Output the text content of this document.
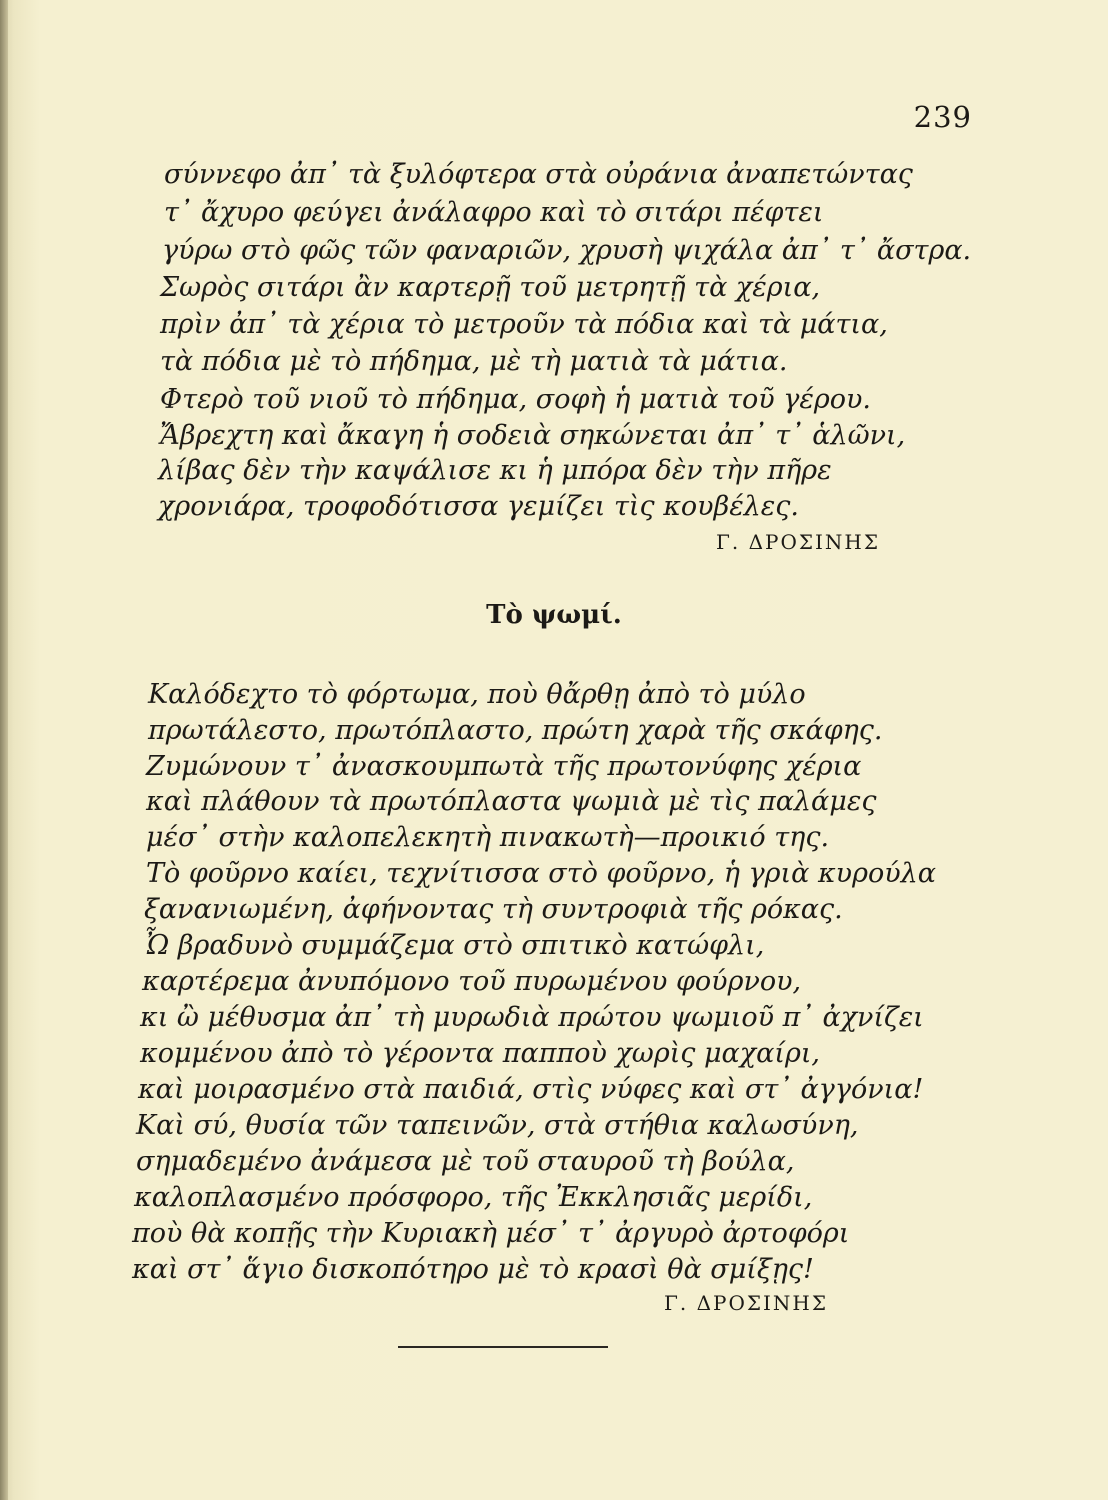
239
σύννεφο ἀπ᾽ τὰ ξυλόφτερα στὰ οὐράνια ἀναπετώντας
τ᾽ ἄχυρο φεύγει ἀνάλαφρο καὶ τὸ σιτάρι πέφτει
γύρω στὸ φῶς τῶν φαναριῶν, χρυσὴ ψιχάλα ἀπ᾽ τ᾽ ἄστρα.
Σωρὸς σιτάρι ἂν καρτερῇ τοῦ μετρητῇ τὰ χέρια,
πρὶν ἀπ᾽ τὰ χέρια τὸ μετροῦν τὰ πόδια καὶ τὰ μάτια,
τὰ πόδια μὲ τὸ πήδημα, μὲ τὴ ματιὰ τὰ μάτια.
Φτερὸ τοῦ νιοῦ τὸ πήδημα, σοφὴ ἡ ματιὰ τοῦ γέρου.
Ἄβρεχτη καὶ ἄκαγη ἡ σοδειὰ σηκώνεται ἀπ᾽ τ᾽ ἁλῶνι,
λίβας δὲν τὴν καψάλισε κι ἡ μπόρα δὲν τὴν πῆρε
χρονιάρα, τροφοδότισσα γεμίζει τὶς κουβέλες.
Γ. ΔΡΟΣΙΝΗΣ
Τὸ ψωμί.
Καλόδεχτο τὸ φόρτωμα, ποὺ θἄρθῃ ἀπὸ τὸ μύλο
πρωτάλεστο, πρωτόπλαστο, πρώτη χαρὰ τῆς σκάφης.
Ζυμώνουν τ᾽ ἀνασκουμπωτὰ τῆς πρωτονύφης χέρια
καὶ πλάθουν τὰ πρωτόπλαστα ψωμιὰ μὲ τὶς παλάμες
μέσ᾽ στὴν καλοπελεκητὴ πινακωτὴ—προικιό της.
Τὸ φοῦρνο καίει, τεχνίτισσα στὸ φοῦρνο, ἡ γριὰ κυρούλα
ξανανιωμένη, ἀφήνοντας τὴ συντροφιὰ τῆς ρόκας.
Ὦ βραδυνὸ συμμάζεμα στὸ σπιτικὸ κατώφλι,
καρτέρεμα ἀνυπόμονο τοῦ πυρωμένου φούρνου,
κι ὢ μέθυσμα ἀπ᾽ τὴ μυρωδιὰ πρώτου ψωμιοῦ π᾽ ἀχνίζει
κομμένου ἀπὸ τὸ γέροντα παπποὺ χωρὶς μαχαίρι,
καὶ μοιρασμένο στὰ παιδιά, στὶς νύφες καὶ στ᾽ ἀγγόνια!
Καὶ σύ, θυσία τῶν ταπεινῶν, στὰ στήθια καλωσύνη,
σημαδεμένο ἀνάμεσα μὲ τοῦ σταυροῦ τὴ βούλα,
καλοπλασμένο πρόσφορο, τῆς Ἐκκλησιᾶς μερίδι,
ποὺ θὰ κοπῇς τὴν Κυριακὴ μέσ᾽ τ᾽ ἀργυρὸ ἀρτοφόρι
καὶ στ᾽ ἅγιο δισκοπότηρο μὲ τὸ κρασὶ θὰ σμίξῃς!
Γ. ΔΡΟΣΙΝΗΣ
